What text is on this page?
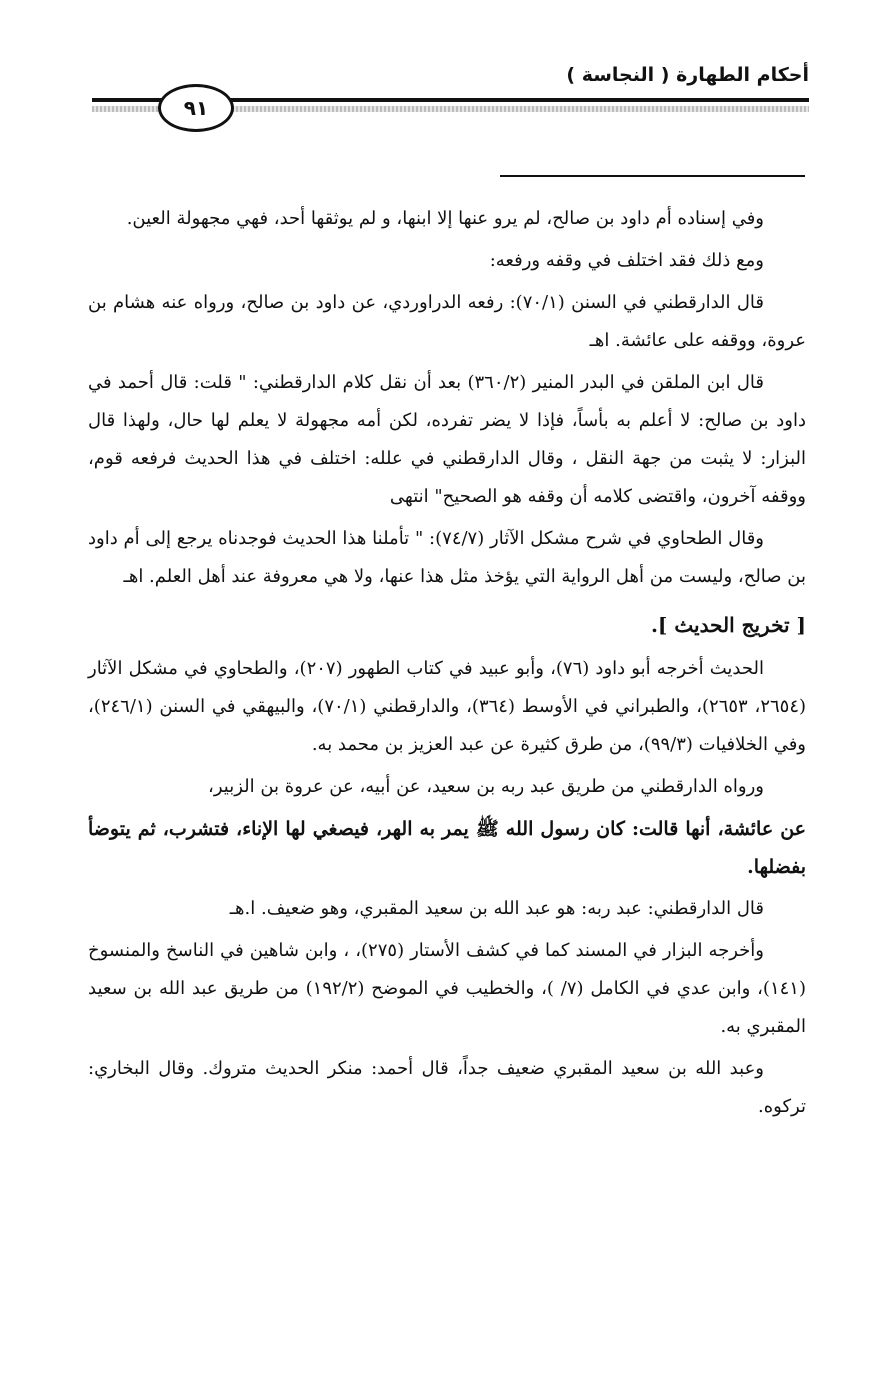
أحكام الطهارة ( النجاسة )
٩١

وفي إسناده أم داود بن صالح، لم يرو عنها إلا ابنها، و لم يوثقها أحد، فهي مجهولة العين.

ومع ذلك فقد اختلف في وقفه ورفعه:

قال الدارقطني في السنن (٧٠/١): رفعه الدراوردي، عن داود بن صالح، ورواه عنه هشام بن عروة، ووقفه على عائشة. اهـ

قال ابن الملقن في البدر المنير (٣٦٠/٢) بعد أن نقل كلام الدارقطني: " قلت: قال أحمد في داود بن صالح: لا أعلم به بأساً، فإذا لا يضر تفرده، لكن أمه مجهولة لا يعلم لها حال، ولهذا قال البزار: لا يثبت من جهة النقل ، وقال الدارقطني في علله: اختلف في هذا الحديث فرفعه قوم، ووقفه آخرون، واقتضى كلامه أن وقفه هو الصحيح" انتهى

وقال الطحاوي في شرح مشكل الآثار (٧٤/٧): " تأملنا هذا الحديث فوجدناه يرجع إلى أم داود بن صالح، وليست من أهل الرواية التي يؤخذ مثل هذا عنها، ولا هي معروفة عند أهل العلم. اهـ

[ تخريج الحديث ].

الحديث أخرجه أبو داود (٧٦)، وأبو عبيد في كتاب الطهور (٢٠٧)، والطحاوي في مشكل الآثار (٢٦٥٤، ٢٦٥٣)، والطبراني في الأوسط (٣٦٤)، والدارقطني (٧٠/١)، والبيهقي في السنن (٢٤٦/١)، وفي الخلافيات (٩٩/٣)، من طرق كثيرة عن عبد العزيز بن محمد به.

ورواه الدارقطني من طريق عبد ربه بن سعيد، عن أبيه، عن عروة بن الزبير،

عن عائشة، أنها قالت: كان رسول الله ﷺ يمر به الهر، فيصغي لها الإناء، فتشرب، ثم يتوضأ بفضلها.

قال الدارقطني: عبد ربه: هو عبد الله بن سعيد المقبري، وهو ضعيف. ا.هـ

وأخرجه البزار في المسند كما في كشف الأستار (٢٧٥)، ، وابن شاهين في الناسخ والمنسوخ (١٤١)، وابن عدي في الكامل (٧/ )، والخطيب في الموضح (١٩٢/٢) من طريق عبد الله بن سعيد المقبري به.

وعبد الله بن سعيد المقبري ضعيف جداً، قال أحمد: منكر الحديث متروك. وقال البخاري: تركوه.
